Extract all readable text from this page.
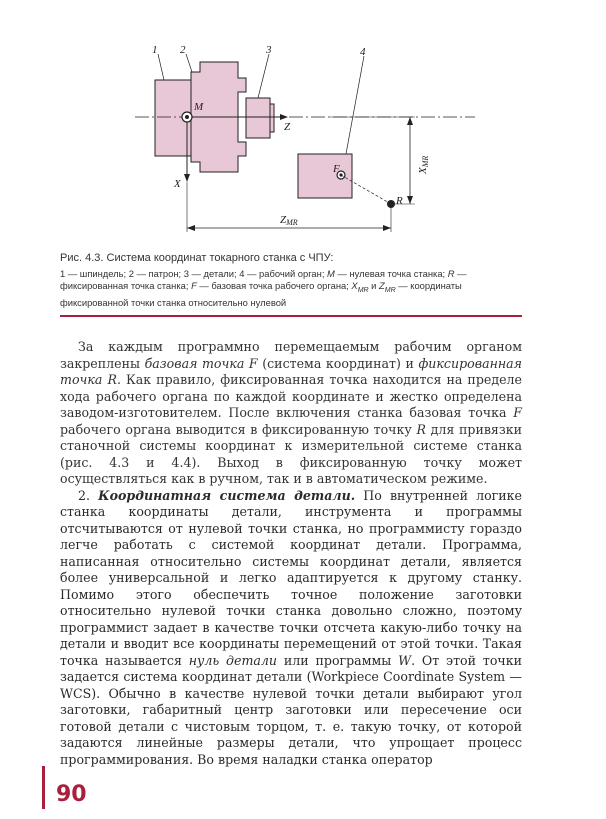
1 2	3	4
M
Z
X
F
R
XMR
ZMR
Рис. 4.3. Система координат токарного станка с ЧПУ:
1 — шпиндель; 2 — патрон; 3 — детали; 4 — рабочий орган; M — нулевая точка станка; R — фиксированная точка станка; F — базовая точка рабочего органа; $X_{MR}$ и $Z_{MR}$ — координаты фиксированной точки станка относительно нулевой

За каждым программно перемещаемым рабочим органом закреплены базовая точка F (система координат) и фиксированная точка R. Как правило, фиксированная точка находится на пределе хода рабочего органа по каждой координате и жестко определена заводом-изготовителем. После включения станка базовая точка F рабочего органа выводится в фиксированную точку R для привязки станочной системы координат к измерительной системе станка (рис. 4.3 и 4.4). Выход в фиксированную точку может осуществляться как в ручном, так и в автоматическом режиме.

2. Координатная система детали. По внутренней логике станка координаты детали, инструмента и программы отсчитываются от нулевой точки станка, но программисту гораздо легче работать с системой координат детали. Программа, написанная относительно системы координат детали, является более универсальной и легко адаптируется к другому станку. Помимо этого обеспечить точное положение заготовки относительно нулевой точки станка довольно сложно, поэтому программист задает в качестве точки отсчета какую-либо точку на детали и вводит все координаты перемещений от этой точки. Такая точка называется нуль детали или программы W. От этой точки задается система координат детали (Workpiece Coordinate System — WCS). Обычно в качестве нулевой точки детали выбирают угол заготовки, габаритный центр заготовки или пересечение оси готовой детали с чистовым торцом, т. е. такую точку, от которой задаются линейные размеры детали, что упрощает процесс программирования. Во время наладки станка оператор

90
